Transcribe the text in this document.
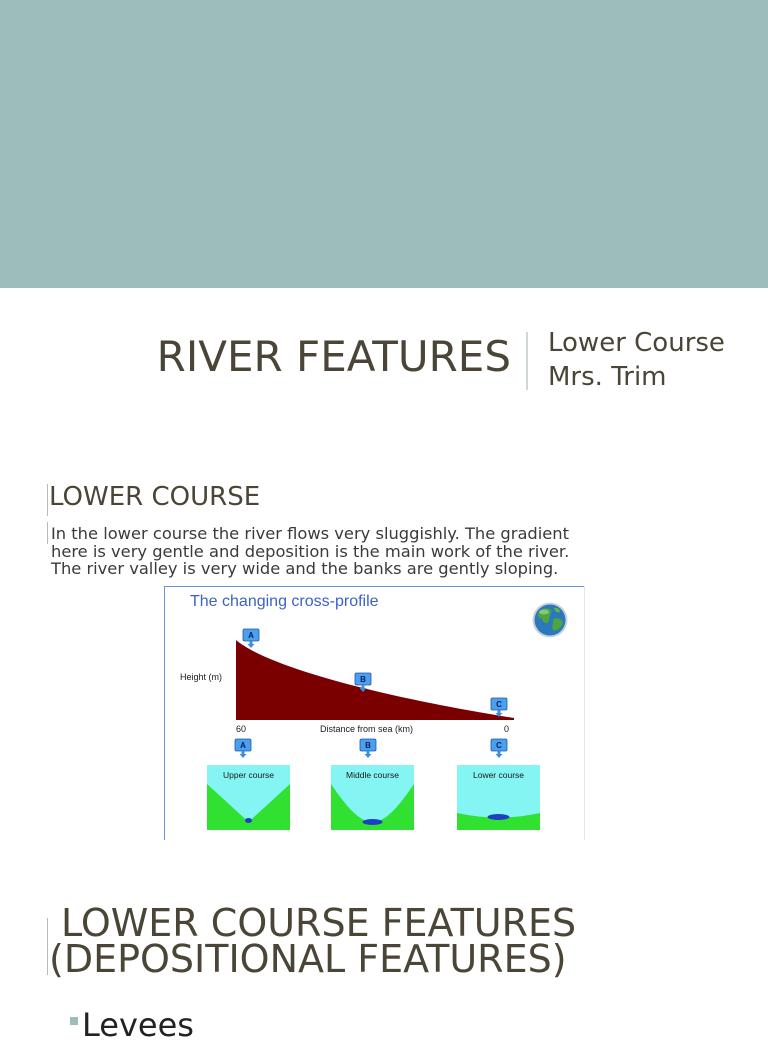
RIVER FEATURES Lower Course
Mrs. Trim
LOWER COURSE
In the lower course the river flows very sluggishly. The gradient
here is very gentle and deposition is the main work of the river.
The river valley is very wide and the banks are gently sloping.
The changing cross-profile
Height (m)
A
B
C
60	Distance from sea (km)	0
A	B	C
Upper course	Middle course	Lower course
LOWER COURSE FEATURES
(DEPOSITIONAL FEATURES)
Levees
